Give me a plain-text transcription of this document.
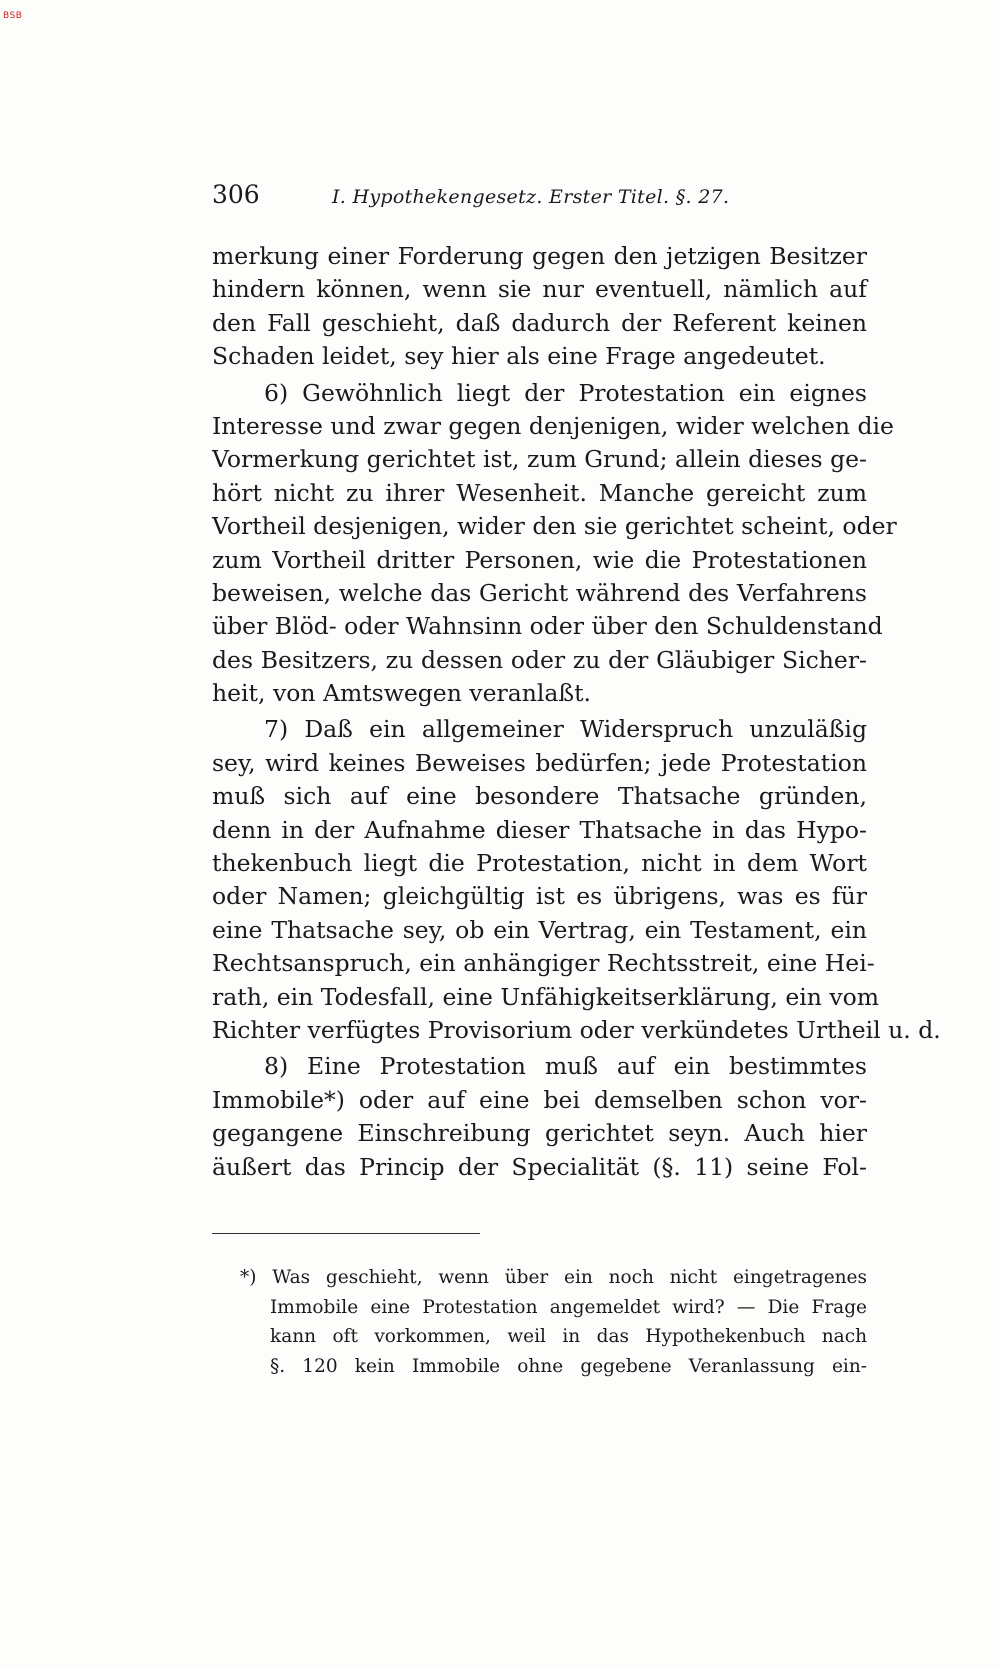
BSB
306	I. Hypothekengesetz. Erster Titel. §. 27.
merkung einer Forderung gegen den jetzigen Besitzer
hindern können, wenn sie nur eventuell, nämlich auf
den Fall geschieht, daß dadurch der Referent keinen
Schaden leidet, sey hier als eine Frage angedeutet.
6) Gewöhnlich liegt der Protestation ein eignes
Interesse und zwar gegen denjenigen, wider welchen die
Vormerkung gerichtet ist, zum Grund; allein dieses ge-
hört nicht zu ihrer Wesenheit. Manche gereicht zum
Vortheil desjenigen, wider den sie gerichtet scheint, oder
zum Vortheil dritter Personen, wie die Protestationen
beweisen, welche das Gericht während des Verfahrens
über Blöd- oder Wahnsinn oder über den Schuldenstand
des Besitzers, zu dessen oder zu der Gläubiger Sicher-
heit, von Amtswegen veranlaßt.
7) Daß ein allgemeiner Widerspruch unzuläßig
sey, wird keines Beweises bedürfen; jede Protestation
muß sich auf eine besondere Thatsache gründen,
denn in der Aufnahme dieser Thatsache in das Hypo-
thekenbuch liegt die Protestation, nicht in dem Wort
oder Namen; gleichgültig ist es übrigens, was es für
eine Thatsache sey, ob ein Vertrag, ein Testament, ein
Rechtsanspruch, ein anhängiger Rechtsstreit, eine Hei-
rath, ein Todesfall, eine Unfähigkeitserklärung, ein vom
Richter verfügtes Provisorium oder verkündetes Urtheil u. d.
8) Eine Protestation muß auf ein bestimmtes
Immobile*) oder auf eine bei demselben schon vor-
gegangene Einschreibung gerichtet seyn. Auch hier
äußert das Princip der Specialität (§. 11) seine Fol-
*) Was geschieht, wenn über ein noch nicht eingetragenes
Immobile eine Protestation angemeldet wird? — Die Frage
kann oft vorkommen, weil in das Hypothekenbuch nach
§. 120 kein Immobile ohne gegebene Veranlassung ein-
